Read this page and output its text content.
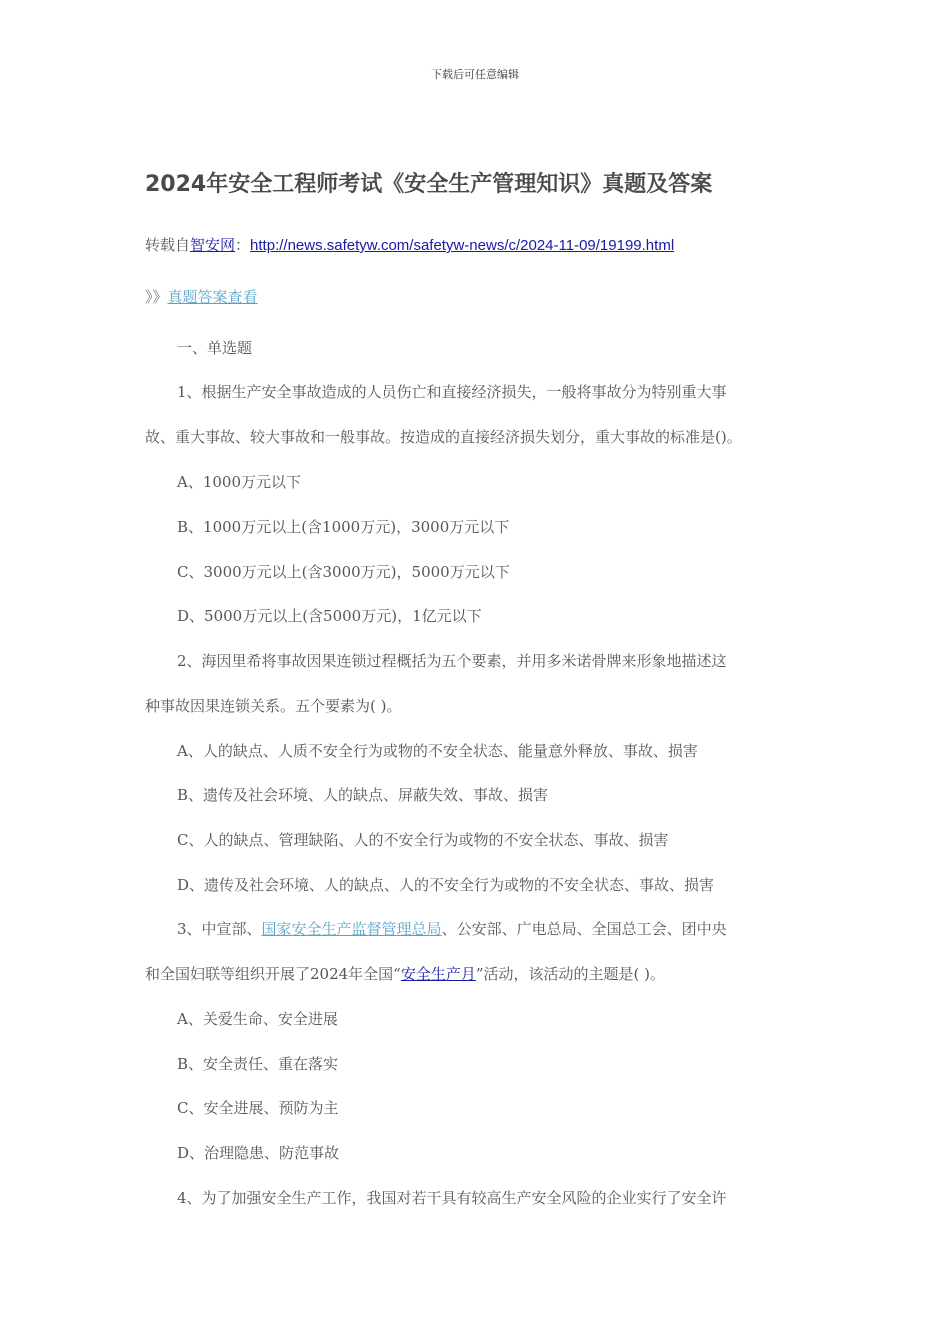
下载后可任意编辑
2024年安全工程师考试《安全生产管理知识》真题及答案
转载自智安网：http://news.safetyw.com/safetyw-news/c/2024-11-09/19199.html
》》真题答案查看
一、单选题
1、根据生产安全事故造成的人员伤亡和直接经济损失，一般将事故分为特别重大事
故、重大事故、较大事故和一般事故。按造成的直接经济损失划分，重大事故的标准是()。
A、1000万元以下
B、1000万元以上(含1000万元)，3000万元以下
C、3000万元以上(含3000万元)，5000万元以下
D、5000万元以上(含5000万元)，1亿元以下
2、海因里希将事故因果连锁过程概括为五个要素，并用多米诺骨牌来形象地描述这
种事故因果连锁关系。五个要素为( )。
A、人的缺点、人质不安全行为或物的不安全状态、能量意外释放、事故、损害
B、遗传及社会环境、人的缺点、屏蔽失效、事故、损害
C、人的缺点、管理缺陷、人的不安全行为或物的不安全状态、事故、损害
D、遗传及社会环境、人的缺点、人的不安全行为或物的不安全状态、事故、损害
3、中宣部、国家安全生产监督管理总局、公安部、广电总局、全国总工会、团中央
和全国妇联等组织开展了2024年全国“安全生产月”活动，该活动的主题是( )。
A、关爱生命、安全进展
B、安全责任、重在落实
C、安全进展、预防为主
D、治理隐患、防范事故
4、为了加强安全生产工作，我国对若干具有较高生产安全风险的企业实行了安全许
